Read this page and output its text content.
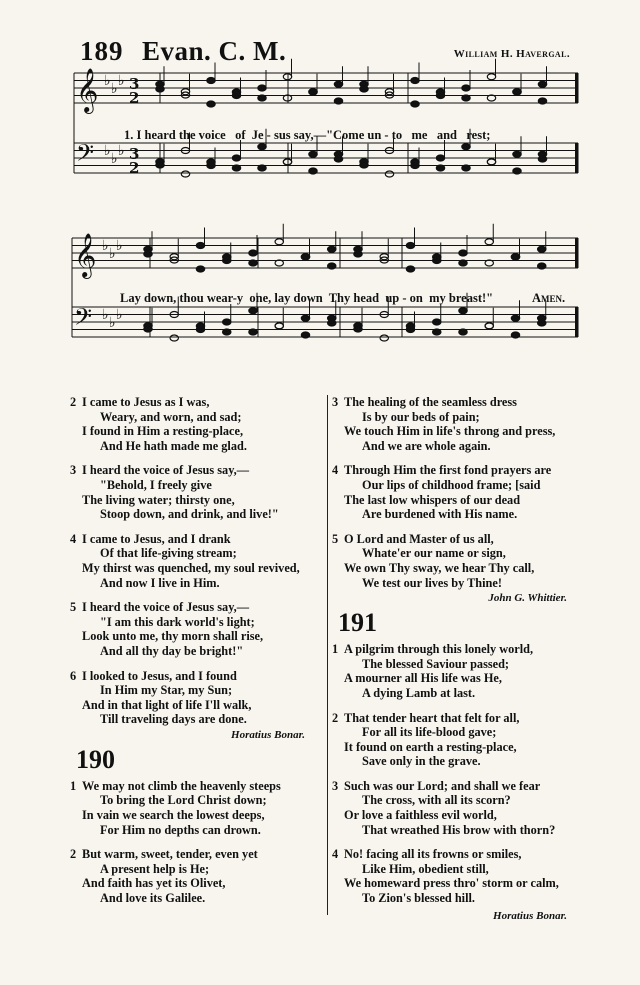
189 Evan. C. M.	William H. Havergal.
𝄞 ♭ ♭ ♭ 3
2
𝄢 ♭ ♭ ♭ 3
2
𝄞 ♭ ♭ ♭
𝄢 ♭ ♭ ♭
1. I heard the voice   of  Je - sus say,—"Come un - to   me   and   rest;
Lay down, thou wear-y  one, lay down  Thy head  up - on  my breast!"	Amen.
2 I came to Jesus as I was,
Weary, and worn, and sad;
I found in Him a resting-place,
And He hath made me glad.
3 I heard the voice of Jesus say,—
"Behold, I freely give
The living water; thirsty one,
Stoop down, and drink, and live!"
4 I came to Jesus, and I drank
Of that life-giving stream;
My thirst was quenched, my soul revived,
And now I live in Him.
5 I heard the voice of Jesus say,—
"I am this dark world's light;
Look unto me, thy morn shall rise,
And all thy day be bright!"
6 I looked to Jesus, and I found
In Him my Star, my Sun;
And in that light of life I'll walk,
Till traveling days are done.
Horatius Bonar.
190
1 We may not climb the heavenly steeps
To bring the Lord Christ down;
In vain we search the lowest deeps,
For Him no depths can drown.
2 But warm, sweet, tender, even yet
A present help is He;
And faith has yet its Olivet,
And love its Galilee.
3 The healing of the seamless dress
Is by our beds of pain;
We touch Him in life's throng and press,
And we are whole again.
4 Through Him the first fond prayers are
Our lips of childhood frame; [said
The last low whispers of our dead
Are burdened with His name.
5 O Lord and Master of us all,
Whate'er our name or sign,
We own Thy sway, we hear Thy call,
We test our lives by Thine!
John G. Whittier.
191
1 A pilgrim through this lonely world,
The blessed Saviour passed;
A mourner all His life was He,
A dying Lamb at last.
2 That tender heart that felt for all,
For all its life-blood gave;
It found on earth a resting-place,
Save only in the grave.
3 Such was our Lord; and shall we fear
The cross, with all its scorn?
Or love a faithless evil world,
That wreathed His brow with thorn?
4 No! facing all its frowns or smiles,
Like Him, obedient still,
We homeward press thro' storm or calm,
To Zion's blessed hill.
Horatius Bonar.
